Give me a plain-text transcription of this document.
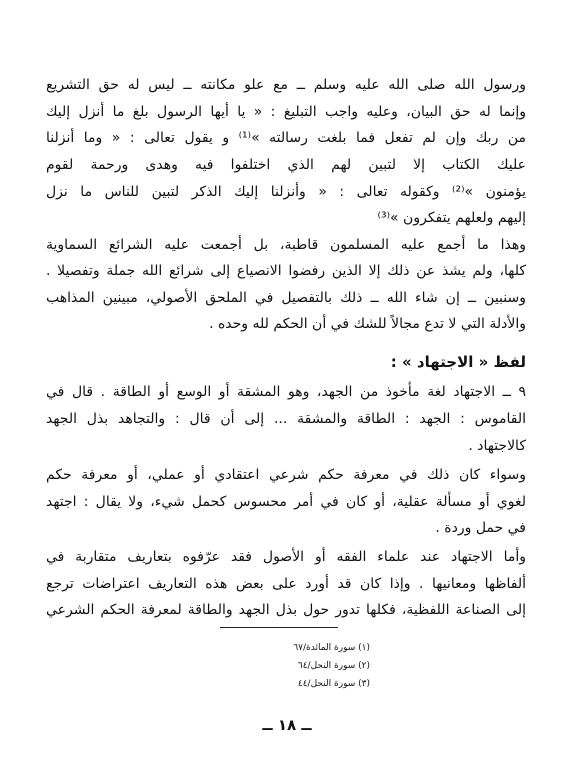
ورسول الله صلى الله عليه وسلم ــ مع علو مكانته ــ ليس له حق التشريع
وإنما له حق البيان، وعليه واجب التبليغ : « يا أيها الرسول بلغ ما أنزل إليك
من ربك وإن لم تفعل فما بلغت رسالته »⁽¹⁾ و يقول تعالى : « وما أنزلنا
عليك الكتاب إلا لتبين لهم الذي اختلفوا فيه وهدى ورحمة لقوم
يؤمنون »⁽²⁾ وكقوله تعالى : « وأنزلنا إليك الذكر لتبين للناس ما نزل
إليهم ولعلهم يتفكرون »⁽³⁾
وهذا ما أجمع عليه المسلمون قاطبة، بل أجمعت عليه الشرائع السماوية
كلها، ولم يشذ عن ذلك إلا الذين رفضوا الانصياع إلى شرائع الله جملة وتفصيلا .
وسنبين ــ إن شاء الله ــ ذلك بالتفصيل في الملحق الأصولي، مبينين المذاهب
والأدلة التي لا تدع مجالاً للشك في أن الحكم لله وحده .
لفظ « الاجتهاد » :
٩ ــ الاجتهاد لغة مأخوذ من الجهد، وهو المشقة أو الوسع أو الطاقة . قال في
القاموس : الجهد : الطاقة والمشقة ... إلى أن قال : والتجاهد بذل الجهد
كالاجتهاد .
وسواء كان ذلك في معرفة حكم شرعي اعتقادي أو عملي، أو معرفة حكم
لغوي أو مسألة عقلية، أو كان في أمر محسوس كحمل شيء، ولا يقال : اجتهد
في حمل وردة .
وأما الاجتهاد عند علماء الفقه أو الأصول فقد عرّفوه بتعاريف متقاربة في
ألفاظها ومعانيها . وإذا كان قد أورد على بعض هذه التعاريف اعتراضات ترجع
إلى الصناعة اللفظية، فكلها تدور حول بذل الجهد والطاقة لمعرفة الحكم الشرعي
(١) سورة المائدة/٦٧
(٢) سورة النحل/٦٤
(٣) سورة النحل/٤٤
ــ ١٨ ــ
